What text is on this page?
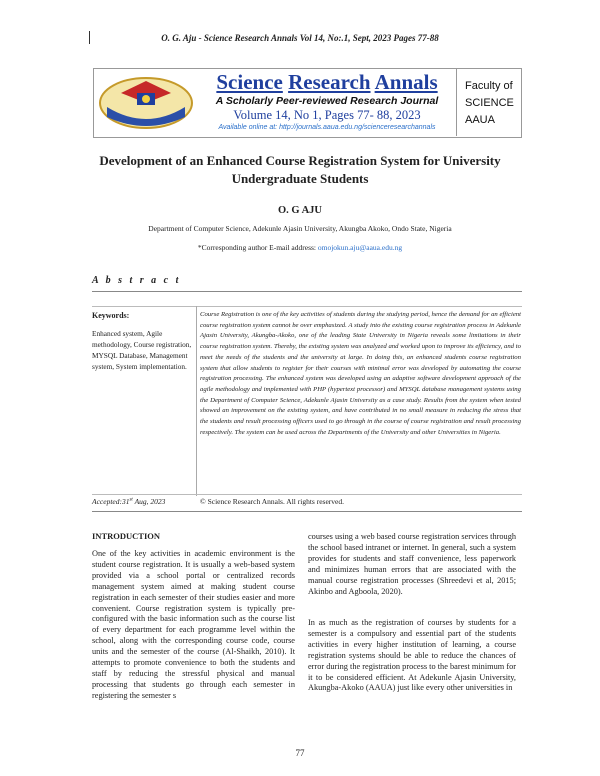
O. G. Aju - Science Research Annals Vol 14, No:.1, Sept, 2023 Pages 77-88
Science Research Annals
A Scholarly Peer-reviewed Research Journal
Volume 14, No 1, Pages 77- 88, 2023
Available online at: http://journals.aaua.edu.ng/scienceresearchannals
Faculty of
SCIENCE
AAUA
Development of an Enhanced Course Registration System for University
Undergraduate Students
O. G AJU
Department of Computer Science, Adekunle Ajasin University, Akungba Akoko, Ondo State, Nigeria
*Corresponding author E-mail address: omojokun.aju@aaua.edu.ng
A b s t r a c t
Keywords:
Enhanced system, Agile methodology, Course registration, MYSQL Database, Management system, System implementation.
Course Registration is one of the key activities of students during the studying period, hence the demand for an efficient course registration system cannot be over emphasized. A study into the existing course registration process in Adekunle Ajasin University, Akungba-Akoko, one of the leading State University in Nigeria reveals some limitations in their course registration system. Thereby, the existing system was analyzed and worked upon to improve its efficiency, and to meet the needs of the students and the university at large. In doing this, an enhanced students course registration system that allow students to register for their courses with minimal error was developed by automating the course registration processing. The enhanced system was developed using an adaptive software development approach of the agile methodology and implemented with PHP (hypertext processor) and MYSQL database management systems using the Department of Computer Science, Adekunle Ajasin University as a case study. Results from the system when tested showed an improvement on the existing system, and have contributed in no small measure in reducing the stress that the students and result processing officers used to go through in the course of course registration and result processing respectively. The system can be used across the Departments of the University and other Universities in Nigeria.
Accepted:31st Aug, 2023	© Science Research Annals. All rights reserved.
INTRODUCTION
One of the key activities in academic environment is the student course registration. It is usually a web-based system provided via a school portal or centralized records management system aimed at making student course registration in each semester of their studies easier and more convenient. Course registration system is typically pre-configured with the basic information such as the course list of every department for each programme level within the school, along with the corresponding course code, course units and the semester of the course (Al-Shaikh, 2010). It attempts to promote convenience to both the students and staff by reducing the stressful physical and manual processing that students go through each semester in registering the semester s
courses using a web based course registration services through the school based intranet or internet. In general, such a system provides for students and staff convenience, less paperwork and minimizes human errors that are associated with the manual course registration processes (Shreedevi et al, 2015; Akinbo and Agboola, 2020).
In as much as the registration of courses by students for a semester is a compulsory and essential part of the students activities in every higher institution of learning, a course registration systems should be able to reduce the chances of error during the registration process to the barest minimum for it to be considered efficient. At Adekunle Ajasin University, Akungba-Akoko (AAUA) just like every other universities in
77
